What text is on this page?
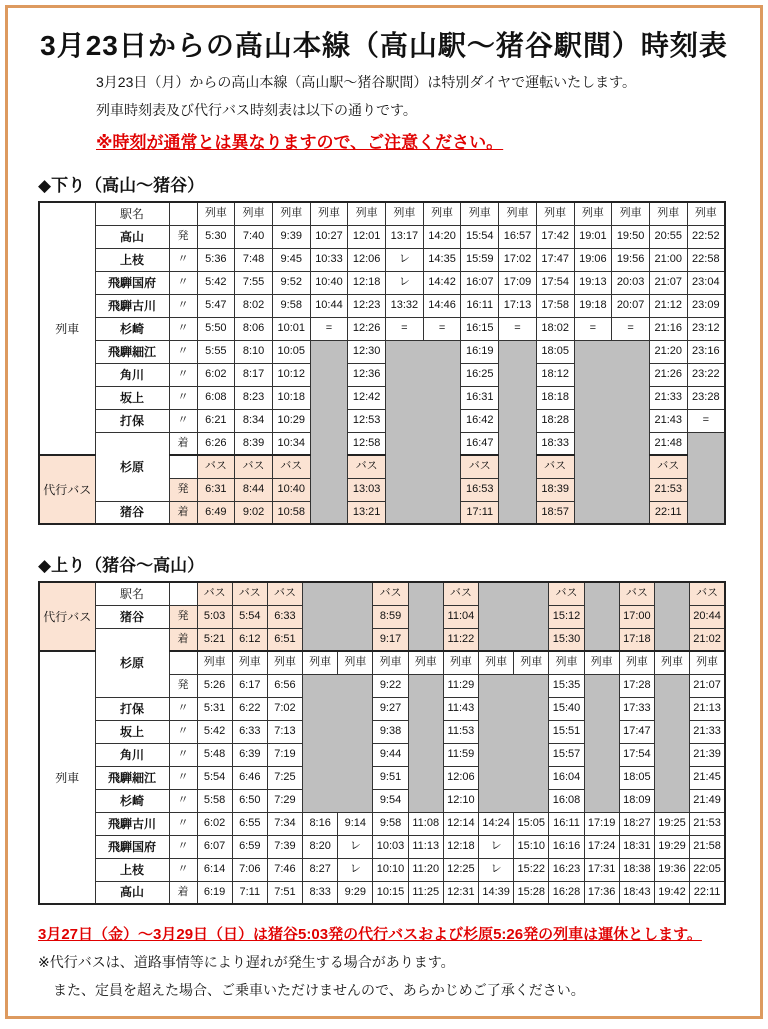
3月23日からの高山本線（高山駅～猪谷駅間）時刻表

3月23日（月）からの高山本線（高山駅～猪谷駅間）は特別ダイヤで運転いたします。

列車時刻表及び代行バス時刻表は以下の通りです。

※時刻が通常とは異なりますので、ご注意ください。

◆下り（高山～猪谷）
列車	駅名		列車	列車	列車	列車	列車	列車	列車	列車	列車	列車	列車	列車	列車	列車
	高山	発	5:30	7:40	9:39	10:27	12:01	13:17	14:20	15:54	16:57	17:42	19:01	19:50	20:55	22:52
	上枝	〃	5:36	7:48	9:45	10:33	12:06	レ	14:35	15:59	17:02	17:47	19:06	19:56	21:00	22:58
	飛騨国府	〃	5:42	7:55	9:52	10:40	12:18	レ	14:42	16:07	17:09	17:54	19:13	20:03	21:07	23:04
	飛騨古川	〃	5:47	8:02	9:58	10:44	12:23	13:32	14:46	16:11	17:13	17:58	19:18	20:07	21:12	23:09
	杉崎	〃	5:50	8:06	10:01	=	12:26	=	=	16:15	=	18:02	=	=	21:16	23:12
	飛騨細江	〃	5:55	8:10	10:05		12:30			16:19		18:05			21:20	23:16
	角川	〃	6:02	8:17	10:12		12:36			16:25		18:12			21:26	23:22
	坂上	〃	6:08	8:23	10:18		12:42			16:31		18:18			21:33	23:28
	打保	〃	6:21	8:34	10:29		12:53			16:42		18:28			21:43	=
	杉原	着	6:26	8:39	10:34		12:58			16:47		18:33			21:48	
代行バス			バス	バス	バス		バス			バス		バス			バス	
		発	6:31	8:44	10:40		13:03			16:53		18:39			21:53	
	猪谷	着	6:49	9:02	10:58		13:21			17:11		18:57			22:11	
◆上り（猪谷～高山）
代行バス	駅名		バス	バス	バス			バス		バス			バス		バス		バス
	猪谷	発	5:03	5:54	6:33			8:59		11:04			15:12		17:00		20:44
	杉原	着	5:21	6:12	6:51			9:17		11:22			15:30		17:18		21:02
列車			列車	列車	列車	列車	列車	列車	列車	列車	列車	列車	列車	列車	列車	列車	列車
		発	5:26	6:17	6:56			9:22		11:29			15:35		17:28		21:07
	打保	〃	5:31	6:22	7:02			9:27		11:43			15:40		17:33		21:13
	坂上	〃	5:42	6:33	7:13			9:38		11:53			15:51		17:47		21:33
	角川	〃	5:48	6:39	7:19			9:44		11:59			15:57		17:54		21:39
	飛騨細江	〃	5:54	6:46	7:25			9:51		12:06			16:04		18:05		21:45
	杉崎	〃	5:58	6:50	7:29			9:54		12:10			16:08		18:09		21:49
	飛騨古川	〃	6:02	6:55	7:34	8:16	9:14	9:58	11:08	12:14	14:24	15:05	16:11	17:19	18:27	19:25	21:53
	飛騨国府	〃	6:07	6:59	7:39	8:20	レ	10:03	11:13	12:18	レ	15:10	16:16	17:24	18:31	19:29	21:58
	上枝	〃	6:14	7:06	7:46	8:27	レ	10:10	11:20	12:25	レ	15:22	16:23	17:31	18:38	19:36	22:05
	高山	着	6:19	7:11	7:51	8:33	9:29	10:15	11:25	12:31	14:39	15:28	16:28	17:36	18:43	19:42	22:11

3月27日（金）～3月29日（日）は猪谷5:03発の代行バスおよび杉原5:26発の列車は運休とします。

※代行バスは、道路事情等により遅れが発生する場合があります。

また、定員を超えた場合、ご乗車いただけませんので、あらかじめご了承ください。
